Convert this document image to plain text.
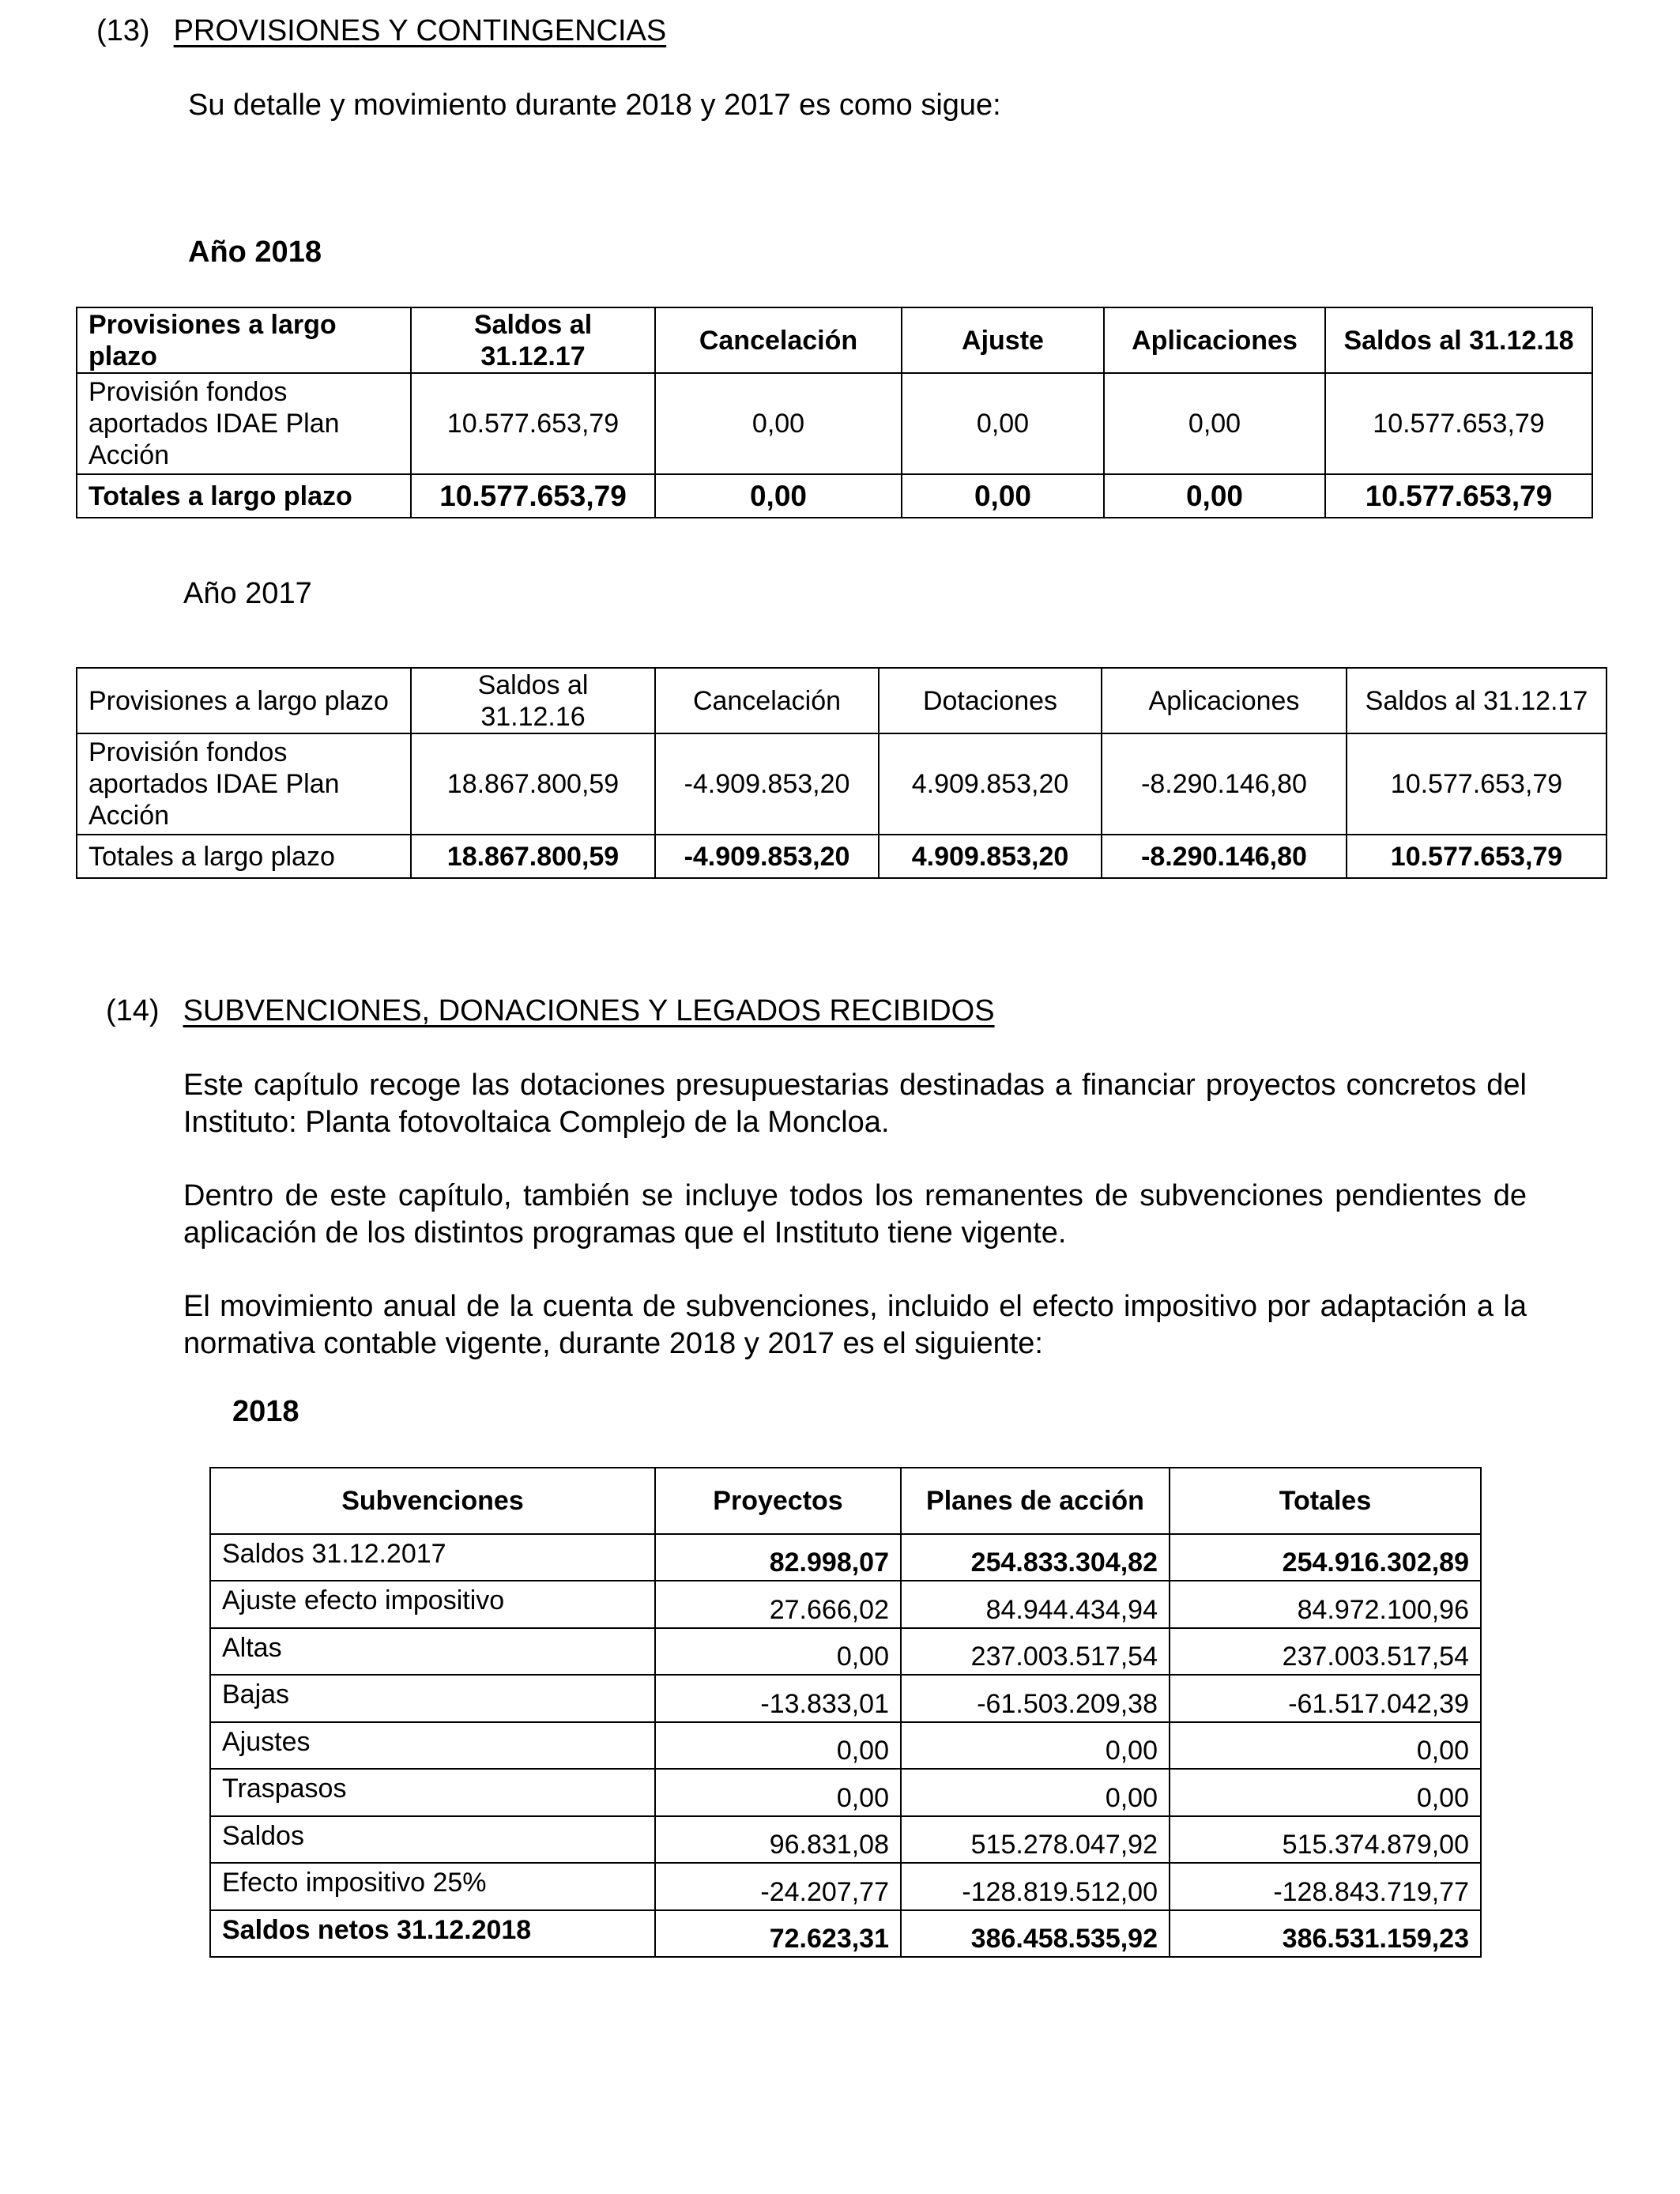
(13) PROVISIONES Y CONTINGENCIAS
Su detalle y movimiento durante 2018 y 2017 es como sigue:
Año 2018
Provisiones a largo plazo	Saldos al 31.12.17	Cancelación	Ajuste	Aplicaciones	Saldos al 31.12.18
Provisión fondos aportados IDAE Plan Acción	10.577.653,79	0,00	0,00	0,00	10.577.653,79
Totales a largo plazo	10.577.653,79	0,00	0,00	0,00	10.577.653,79
Año 2017
Provisiones a largo plazo	Saldos al 31.12.16	Cancelación	Dotaciones	Aplicaciones	Saldos al 31.12.17
Provisión fondos aportados IDAE Plan Acción	18.867.800,59	-4.909.853,20	4.909.853,20	-8.290.146,80	10.577.653,79
Totales a largo plazo	18.867.800,59	-4.909.853,20	4.909.853,20	-8.290.146,80	10.577.653,79
(14) SUBVENCIONES, DONACIONES Y LEGADOS RECIBIDOS
Este capítulo recoge las dotaciones presupuestarias destinadas a financiar proyectos concretos del Instituto: Planta fotovoltaica Complejo de la Moncloa.
Dentro de este capítulo, también se incluye todos los remanentes de subvenciones pendientes de aplicación de los distintos programas que el Instituto tiene vigente.
El movimiento anual de la cuenta de subvenciones, incluido el efecto impositivo por adaptación a la normativa contable vigente, durante 2018 y 2017 es el siguiente:
2018
Subvenciones	Proyectos	Planes de acción	Totales
Saldos 31.12.2017	82.998,07	254.833.304,82	254.916.302,89
Ajuste efecto impositivo	27.666,02	84.944.434,94	84.972.100,96
Altas	0,00	237.003.517,54	237.003.517,54
Bajas	-13.833,01	-61.503.209,38	-61.517.042,39
Ajustes	0,00	0,00	0,00
Traspasos	0,00	0,00	0,00
Saldos	96.831,08	515.278.047,92	515.374.879,00
Efecto impositivo 25%	-24.207,77	-128.819.512,00	-128.843.719,77
Saldos netos 31.12.2018	72.623,31	386.458.535,92	386.531.159,23
